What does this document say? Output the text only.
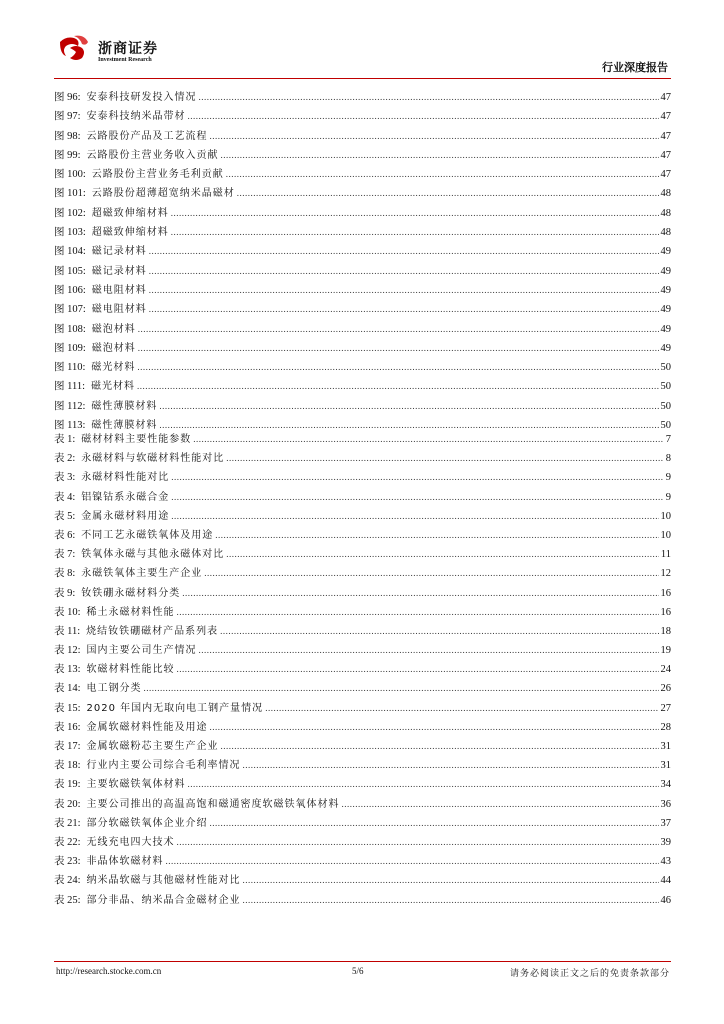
浙商证券
Investment Research
行业深度报告
图 96: 安泰科技研发投入情况 .....	47
图 97: 安泰科技纳米晶带材 .....	47
图 98: 云路股份产品及工艺流程 .....	47
图 99: 云路股份主营业务收入贡献 .....	47
图 100: 云路股份主营业务毛利贡献 .....	47
图 101: 云路股份超薄超宽纳米晶磁材 .....	48
图 102: 超磁致伸缩材料 .....	48
图 103: 超磁致伸缩材料 .....	48
图 104: 磁记录材料 .....	49
图 105: 磁记录材料 .....	49
图 106: 磁电阻材料 .....	49
图 107: 磁电阻材料 .....	49
图 108: 磁泡材料 .....	49
图 109: 磁泡材料 .....	49
图 110: 磁光材料 .....	50
图 111: 磁光材料 .....	50
图 112: 磁性薄膜材料 .....	50
图 113: 磁性薄膜材料 .....	50
表 1: 磁材材料主要性能参数 .....	7
表 2: 永磁材料与软磁材料性能对比 .....	8
表 3: 永磁材料性能对比 .....	9
表 4: 铝镍钴系永磁合金 .....	9
表 5: 金属永磁材料用途 .....	10
表 6: 不同工艺永磁铁氧体及用途 .....	10
表 7: 铁氧体永磁与其他永磁体对比 .....	11
表 8: 永磁铁氧体主要生产企业 .....	12
表 9: 钕铁硼永磁材料分类 .....	16
表 10: 稀土永磁材料性能 .....	16
表 11: 烧结钕铁硼磁材产品系列表 .....	18
表 12: 国内主要公司生产情况 .....	19
表 13: 软磁材料性能比较 .....	24
表 14: 电工钢分类 .....	26
表 15: 2020 年国内无取向电工钢产量情况 .....	27
表 16: 金属软磁材料性能及用途 .....	28
表 17: 金属软磁粉芯主要生产企业 .....	31
表 18: 行业内主要公司综合毛利率情况 .....	31
表 19: 主要软磁铁氧体材料 .....	34
表 20: 主要公司推出的高温高饱和磁通密度软磁铁氧体材料 .....	36
表 21: 部分软磁铁氧体企业介绍 .....	37
表 22: 无线充电四大技术 .....	39
表 23: 非晶体软磁材料 .....	43
表 24: 纳米晶软磁与其他磁材性能对比 .....	44
表 25: 部分非晶、纳米晶合金磁材企业 .....	46
http://research.stocke.com.cn	5/6	请务必阅读正文之后的免责条款部分
